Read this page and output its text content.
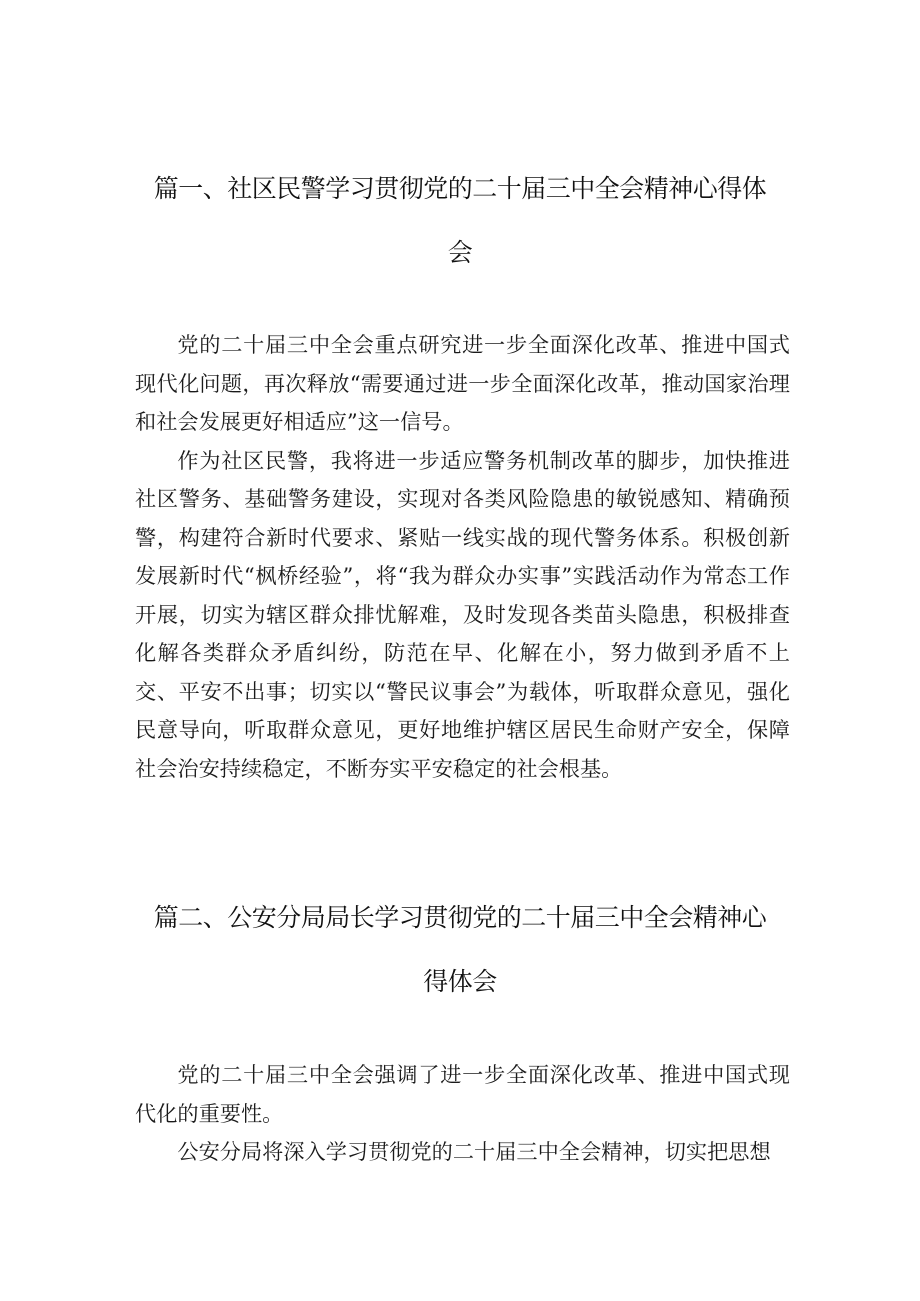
篇一、社区民警学习贯彻党的二十届三中全会精神心得体
会

党的二十届三中全会重点研究进一步全面深化改革、推进中国式现代化问题，再次释放“需要通过进一步全面深化改革，推动国家治理和社会发展更好相适应”这一信号。

作为社区民警，我将进一步适应警务机制改革的脚步，加快推进社区警务、基础警务建设，实现对各类风险隐患的敏锐感知、精确预警，构建符合新时代要求、紧贴一线实战的现代警务体系。积极创新发展新时代“枫桥经验”，将“我为群众办实事”实践活动作为常态工作开展，切实为辖区群众排忧解难，及时发现各类苗头隐患，积极排查化解各类群众矛盾纠纷，防范在早、化解在小，努力做到矛盾不上交、平安不出事；切实以“警民议事会”为载体，听取群众意见，强化民意导向，听取群众意见，更好地维护辖区居民生命财产安全，保障社会治安持续稳定，不断夯实平安稳定的社会根基。

篇二、公安分局局长学习贯彻党的二十届三中全会精神心
得体会

党的二十届三中全会强调了进一步全面深化改革、推进中国式现代化的重要性。

公安分局将深入学习贯彻党的二十届三中全会精神，切实把思想
